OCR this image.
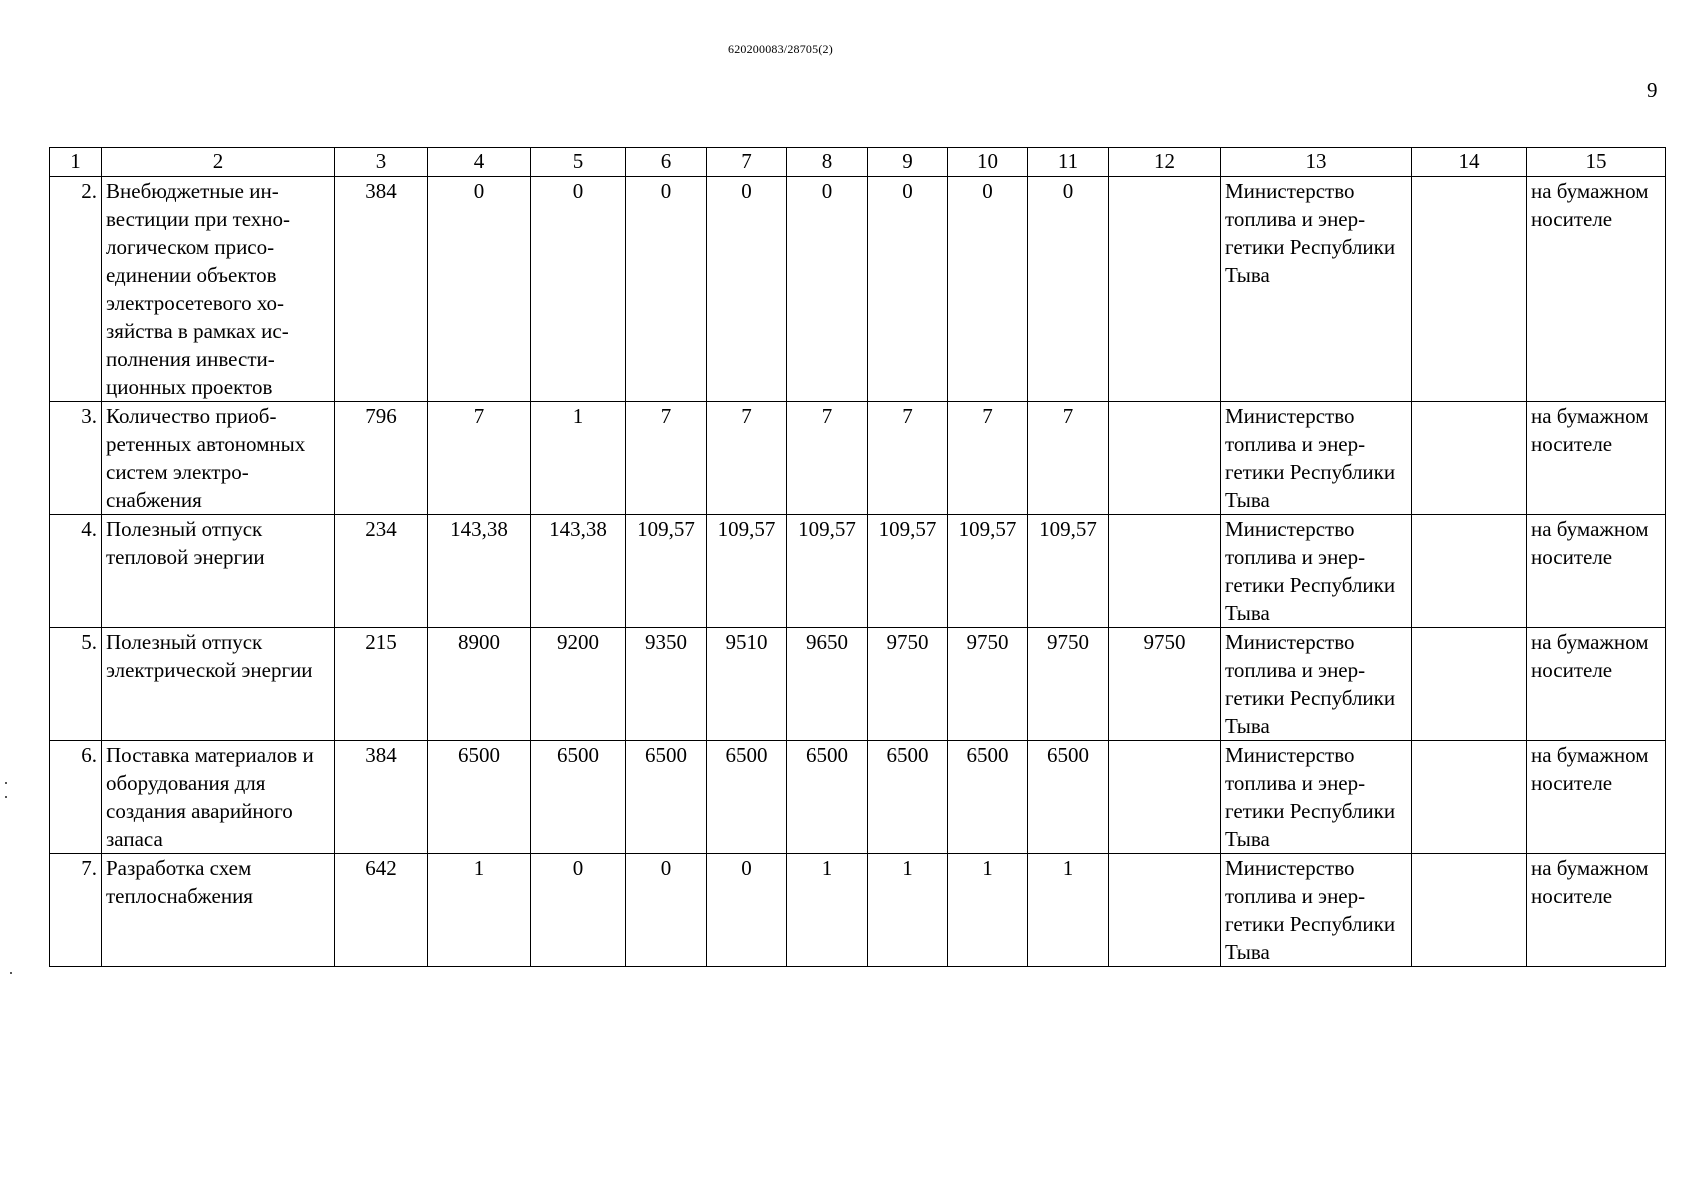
620200083/28705(2)
9
1	2	3	4	5	6	7	8	9	10	11	12	13	14	15
2.	Внебюджетные инвестиции при технологическом присоединении объектов электросетевого хозяйства в рамках исполнения инвестиционных проектов	384	0	0	0	0	0	0	0	0		Министерство топлива и энергетики Республики Тыва		на бумажном носителе
3.	Количество приобретенных автономных систем электроснабжения	796	7	1	7	7	7	7	7	7		Министерство топлива и энергетики Республики Тыва		на бумажном носителе
4.	Полезный отпуск тепловой энергии	234	143,38	143,38	109,57	109,57	109,57	109,57	109,57	109,57		Министерство топлива и энергетики Республики Тыва		на бумажном носителе
5.	Полезный отпуск электрической энергии	215	8900	9200	9350	9510	9650	9750	9750	9750	9750	Министерство топлива и энергетики Республики Тыва		на бумажном носителе
6.	Поставка материалов и оборудования для создания аварийного запаса	384	6500	6500	6500	6500	6500	6500	6500	6500		Министерство топлива и энергетики Республики Тыва		на бумажном носителе
7.	Разработка схем теплоснабжения	642	1	0	0	0	1	1	1	1		Министерство топлива и энергетики Республики Тыва		на бумажном носителе
